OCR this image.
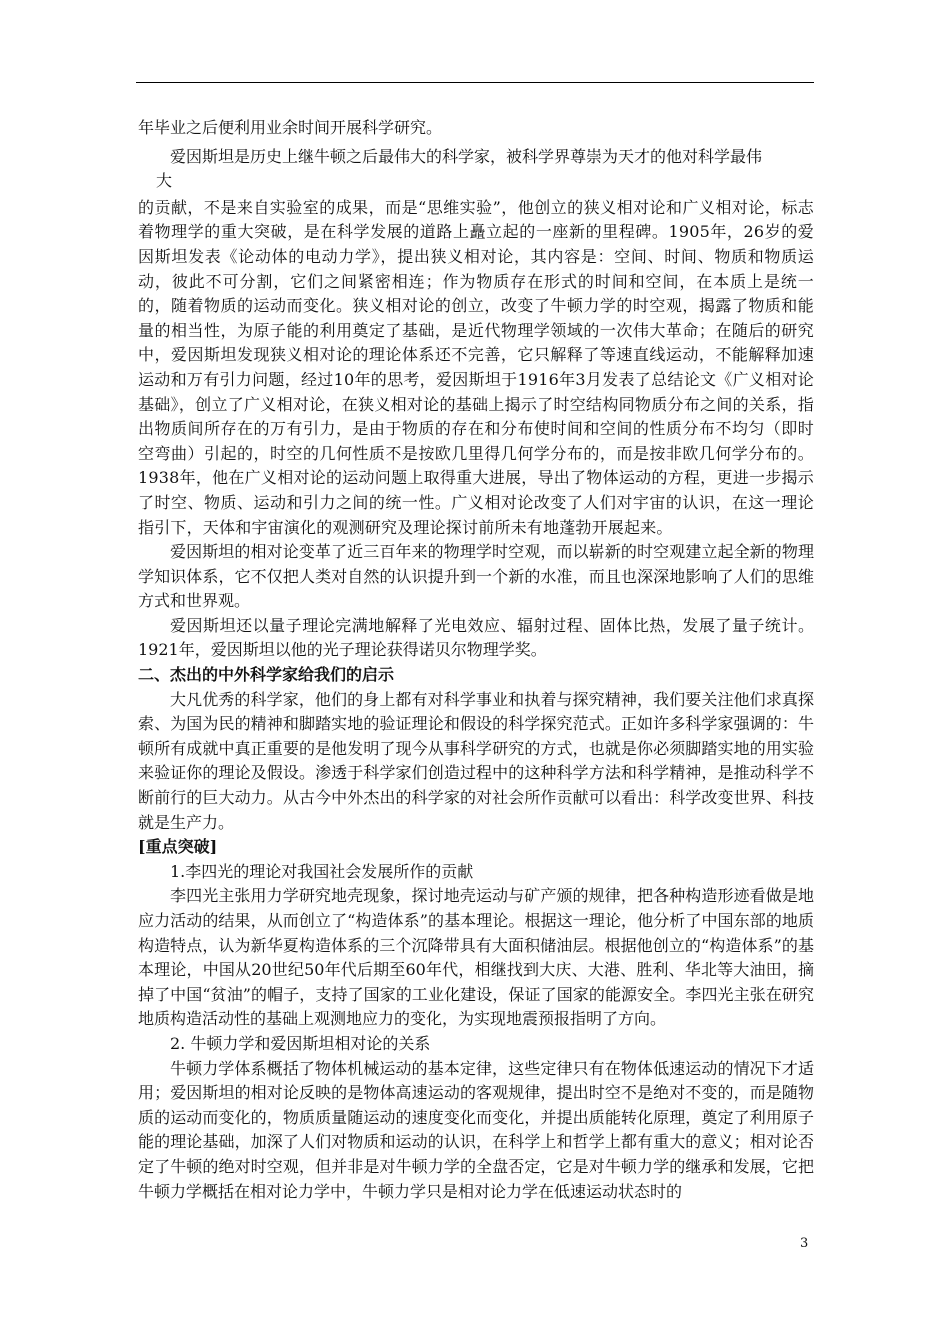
年毕业之后便利用业余时间开展科学研究。

爱因斯坦是历史上继牛顿之后最伟大的科学家，被科学界尊崇为天才的他对科学最伟

大

的贡献，不是来自实验室的成果，而是“思维实验”，他创立的狭义相对论和广义相对论，标志着物理学的重大突破，是在科学发展的道路上矗立起的一座新的里程碑。1905年，26岁的爱因斯坦发表《论动体的电动力学》，提出狭义相对论，其内容是：空间、时间、物质和物质运动，彼此不可分割，它们之间紧密相连；作为物质存在形式的时间和空间，在本质上是统一的，随着物质的运动而变化。狭义相对论的创立，改变了牛顿力学的时空观，揭露了物质和能量的相当性，为原子能的利用奠定了基础，是近代物理学领域的一次伟大革命；在随后的研究中，爱因斯坦发现狭义相对论的理论体系还不完善，它只解释了等速直线运动，不能解释加速运动和万有引力问题，经过10年的思考，爱因斯坦于1916年3月发表了总结论文《广义相对论基础》，创立了广义相对论，在狭义相对论的基础上揭示了时空结构同物质分布之间的关系，指出物质间所存在的万有引力，是由于物质的存在和分布使时间和空间的性质分布不均匀（即时空弯曲）引起的，时空的几何性质不是按欧几里得几何学分布的，而是按非欧几何学分布的。1938年，他在广义相对论的运动问题上取得重大进展，导出了物体运动的方程，更进一步揭示了时空、物质、运动和引力之间的统一性。广义相对论改变了人们对宇宙的认识，在这一理论指引下，天体和宇宙演化的观测研究及理论探讨前所未有地蓬勃开展起来。

爱因斯坦的相对论变革了近三百年来的物理学时空观，而以崭新的时空观建立起全新的物理学知识体系，它不仅把人类对自然的认识提升到一个新的水准，而且也深深地影响了人们的思维方式和世界观。

爱因斯坦还以量子理论完满地解释了光电效应、辐射过程、固体比热，发展了量子统计。1921年，爱因斯坦以他的光子理论获得诺贝尔物理学奖。

二、杰出的中外科学家给我们的启示

大凡优秀的科学家，他们的身上都有对科学事业和执着与探究精神，我们要关注他们求真探索、为国为民的精神和脚踏实地的验证理论和假设的科学探究范式。正如许多科学家强调的：牛顿所有成就中真正重要的是他发明了现今从事科学研究的方式，也就是你必须脚踏实地的用实验来验证你的理论及假设。渗透于科学家们创造过程中的这种科学方法和科学精神，是推动科学不断前行的巨大动力。从古今中外杰出的科学家的对社会所作贡献可以看出：科学改变世界、科技就是生产力。

[重点突破]

1.李四光的理论对我国社会发展所作的贡献

李四光主张用力学研究地壳现象，探讨地壳运动与矿产颁的规律，把各种构造形迹看做是地应力活动的结果，从而创立了“构造体系”的基本理论。根据这一理论，他分析了中国东部的地质构造特点，认为新华夏构造体系的三个沉降带具有大面积储油层。根据他创立的“构造体系”的基本理论，中国从20世纪50年代后期至60年代，相继找到大庆、大港、胜利、华北等大油田，摘掉了中国“贫油”的帽子，支持了国家的工业化建设，保证了国家的能源安全。李四光主张在研究地质构造活动性的基础上观测地应力的变化，为实现地震预报指明了方向。

2. 牛顿力学和爱因斯坦相对论的关系

牛顿力学体系概括了物体机械运动的基本定律，这些定律只有在物体低速运动的情况下才适用；爱因斯坦的相对论反映的是物体高速运动的客观规律，提出时空不是绝对不变的，而是随物质的运动而变化的，物质质量随运动的速度变化而变化，并提出质能转化原理，奠定了利用原子能的理论基础，加深了人们对物质和运动的认识，在科学上和哲学上都有重大的意义；相对论否定了牛顿的绝对时空观，但并非是对牛顿力学的全盘否定，它是对牛顿力学的继承和发展，它把牛顿力学概括在相对论力学中，牛顿力学只是相对论力学在低速运动状态时的

3
